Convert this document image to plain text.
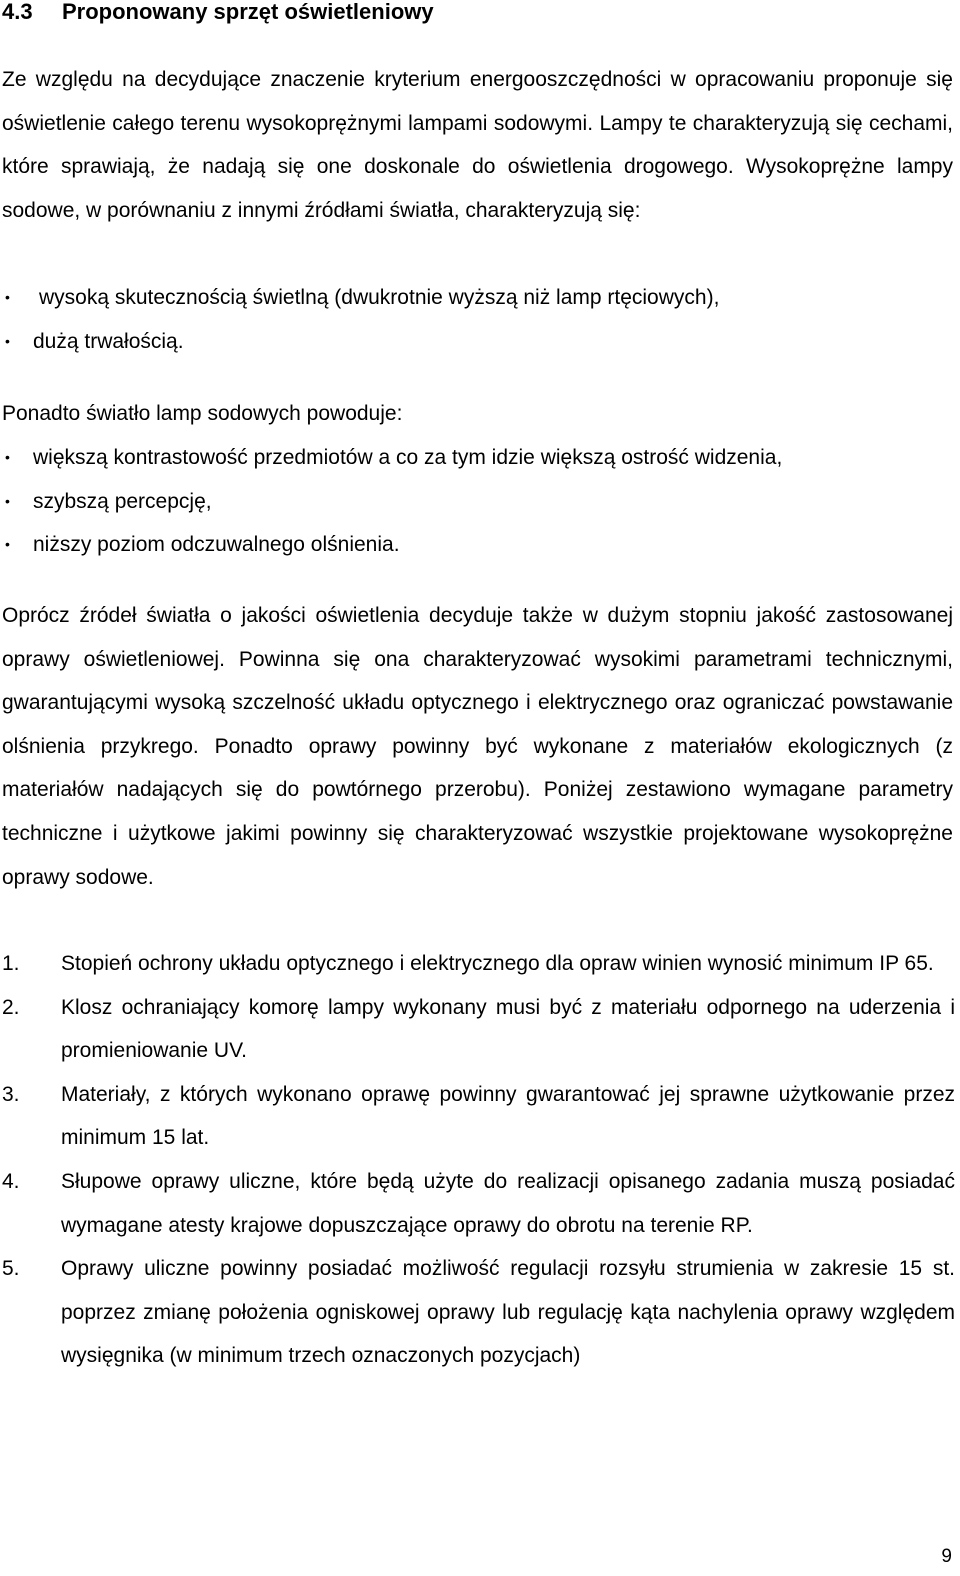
4.3 Proponowany sprzęt oświetleniowy

Ze względu na decydujące znaczenie kryterium energooszczędności w opracowaniu proponuje się oświetlenie całego terenu wysokoprężnymi lampami sodowymi. Lampy te charakteryzują się cechami, które sprawiają, że nadają się one doskonale do oświetlenia drogowego. Wysokoprężne lampy sodowe, w porównaniu z innymi źródłami światła, charakteryzują się:

• wysoką skutecznością świetlną (dwukrotnie wyższą niż lamp rtęciowych),
• dużą trwałością.

Ponadto światło lamp sodowych powoduje:

• większą kontrastowość przedmiotów a co za tym idzie większą ostrość widzenia,
• szybszą percepcję,
• niższy poziom odczuwalnego olśnienia.

Oprócz źródeł światła o jakości oświetlenia decyduje także w dużym stopniu jakość zastosowanej oprawy oświetleniowej. Powinna się ona charakteryzować wysokimi parametrami technicznymi, gwarantującymi wysoką szczelność układu optycznego i elektrycznego oraz ograniczać powstawanie olśnienia przykrego. Ponadto oprawy powinny być wykonane z materiałów ekologicznych (z materiałów nadających się do powtórnego przerobu). Poniżej zestawiono wymagane parametry techniczne i użytkowe jakimi powinny się charakteryzować wszystkie projektowane wysokoprężne oprawy sodowe.

1. Stopień ochrony układu optycznego i elektrycznego dla opraw winien wynosić minimum IP 65.
2. Klosz ochraniający komorę lampy wykonany musi być z materiału odpornego na uderzenia i promieniowanie UV.
3. Materiały, z których wykonano oprawę powinny gwarantować jej sprawne użytkowanie przez minimum 15 lat.
4. Słupowe oprawy uliczne, które będą użyte do realizacji opisanego zadania muszą posiadać wymagane atesty krajowe dopuszczające oprawy do obrotu na terenie RP.
5. Oprawy uliczne powinny posiadać możliwość regulacji rozsyłu strumienia w zakresie 15 st. poprzez zmianę położenia ogniskowej oprawy lub regulację kąta nachylenia oprawy względem wysięgnika (w minimum trzech oznaczonych pozycjach)
9
